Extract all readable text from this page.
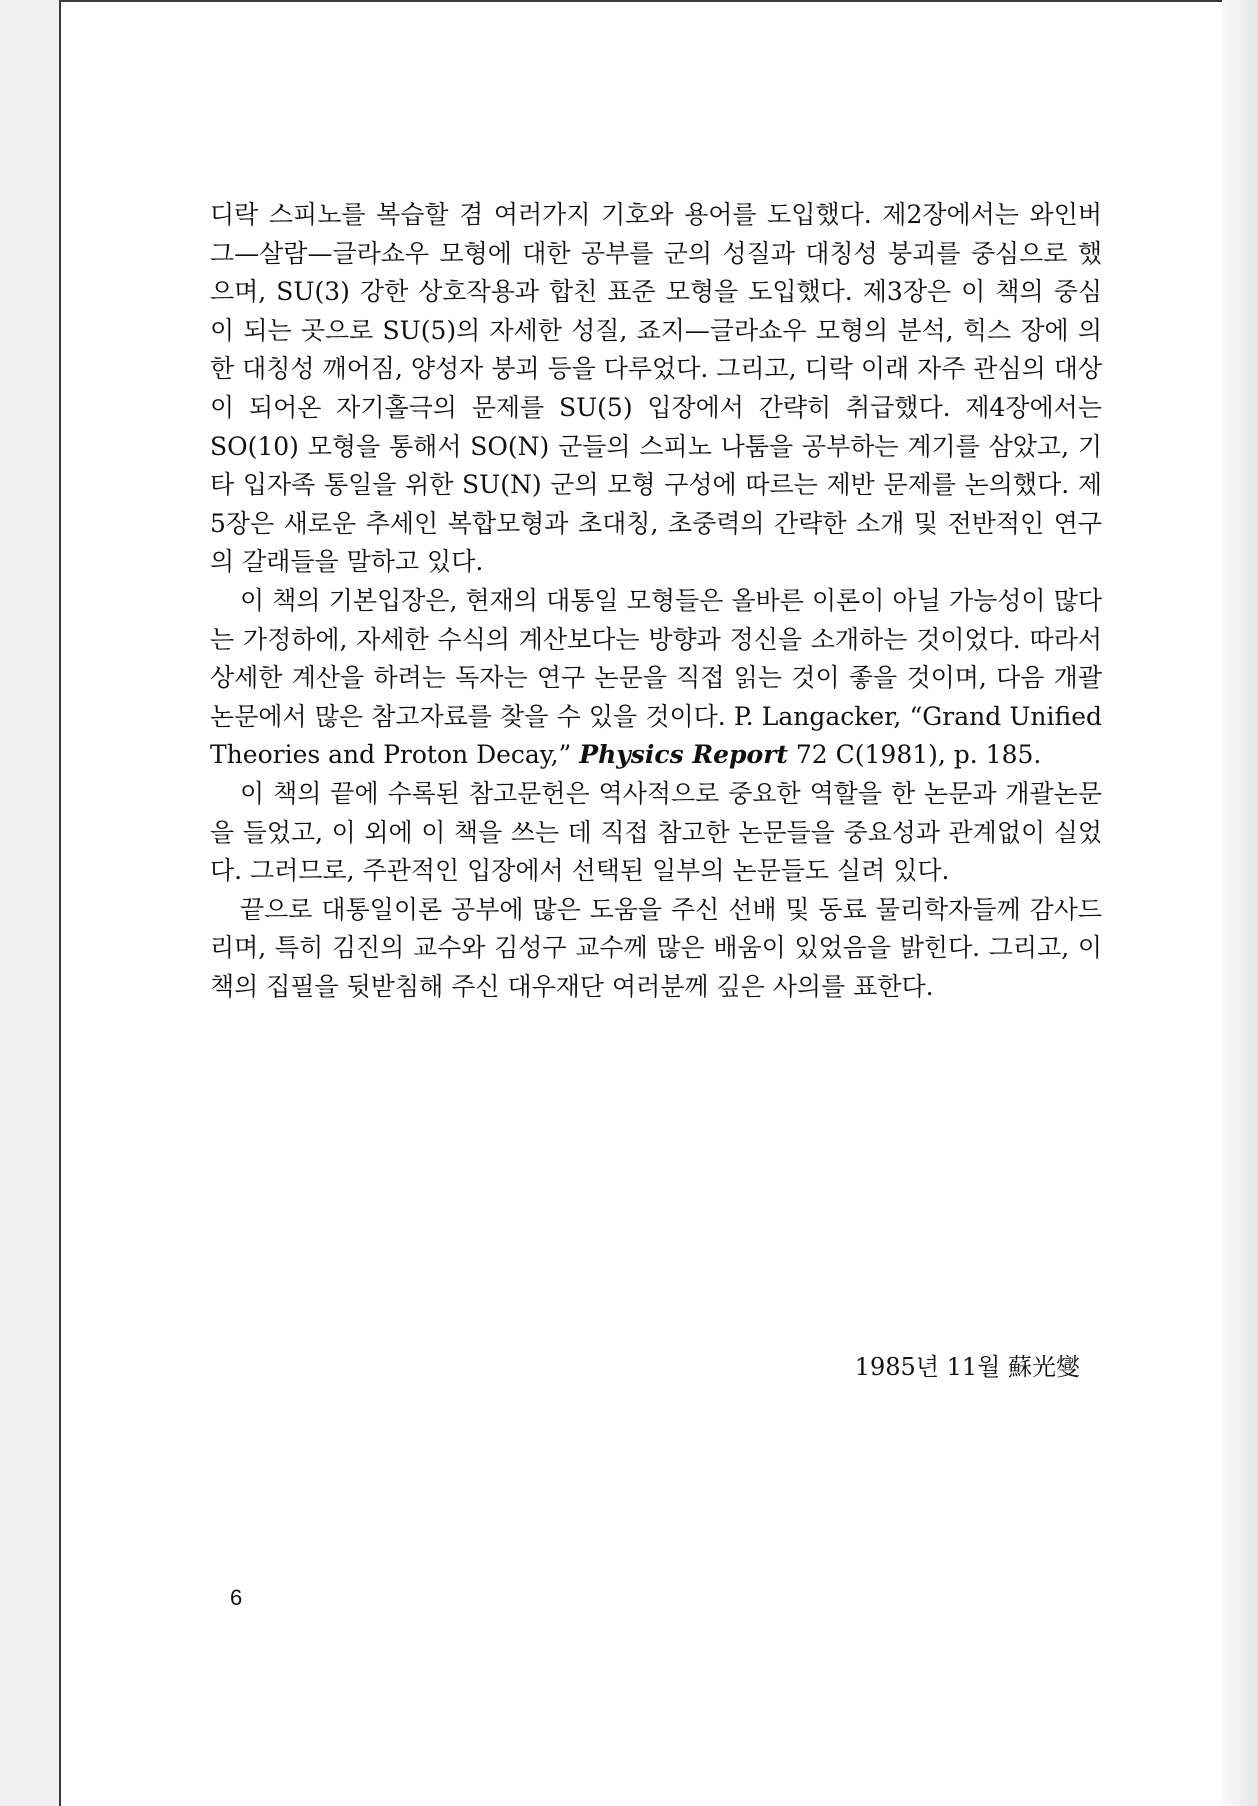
디락 스피노를 복습할 겸 여러가지 기호와 용어를 도입했다. 제2장에서는 와인버그—살람—글라쇼우 모형에 대한 공부를 군의 성질과 대칭성 붕괴를 중심으로 했으며, SU(3) 강한 상호작용과 합친 표준 모형을 도입했다. 제3장은 이 책의 중심이 되는 곳으로 SU(5)의 자세한 성질, 죠지—글라쇼우 모형의 분석, 힉스 장에 의한 대칭성 깨어짐, 양성자 붕괴 등을 다루었다. 그리고, 디락 이래 자주 관심의 대상이 되어온 자기홀극의 문제를 SU(5) 입장에서 간략히 취급했다. 제4장에서는 SO(10) 모형을 통해서 SO(N) 군들의 스피노 나툼을 공부하는 계기를 삼았고, 기타 입자족 통일을 위한 SU(N) 군의 모형 구성에 따르는 제반 문제를 논의했다. 제5장은 새로운 추세인 복합모형과 초대칭, 초중력의 간략한 소개 및 전반적인 연구의 갈래들을 말하고 있다.

이 책의 기본입장은, 현재의 대통일 모형들은 올바른 이론이 아닐 가능성이 많다는 가정하에, 자세한 수식의 계산보다는 방향과 정신을 소개하는 것이었다. 따라서 상세한 계산을 하려는 독자는 연구 논문을 직접 읽는 것이 좋을 것이며, 다음 개괄 논문에서 많은 참고자료를 찾을 수 있을 것이다. P. Langacker, “Grand Unified Theories and Proton Decay,” Physics Report 72 C(1981), p. 185.

이 책의 끝에 수록된 참고문헌은 역사적으로 중요한 역할을 한 논문과 개괄논문을 들었고, 이 외에 이 책을 쓰는 데 직접 참고한 논문들을 중요성과 관계없이 실었다. 그러므로, 주관적인 입장에서 선택된 일부의 논문들도 실려 있다.

끝으로 대통일이론 공부에 많은 도움을 주신 선배 및 동료 물리학자들께 감사드리며, 특히 김진의 교수와 김성구 교수께 많은 배움이 있었음을 밝힌다. 그리고, 이 책의 집필을 뒷받침해 주신 대우재단 여러분께 깊은 사의를 표한다.

1985년 11월 蘇光燮
6
